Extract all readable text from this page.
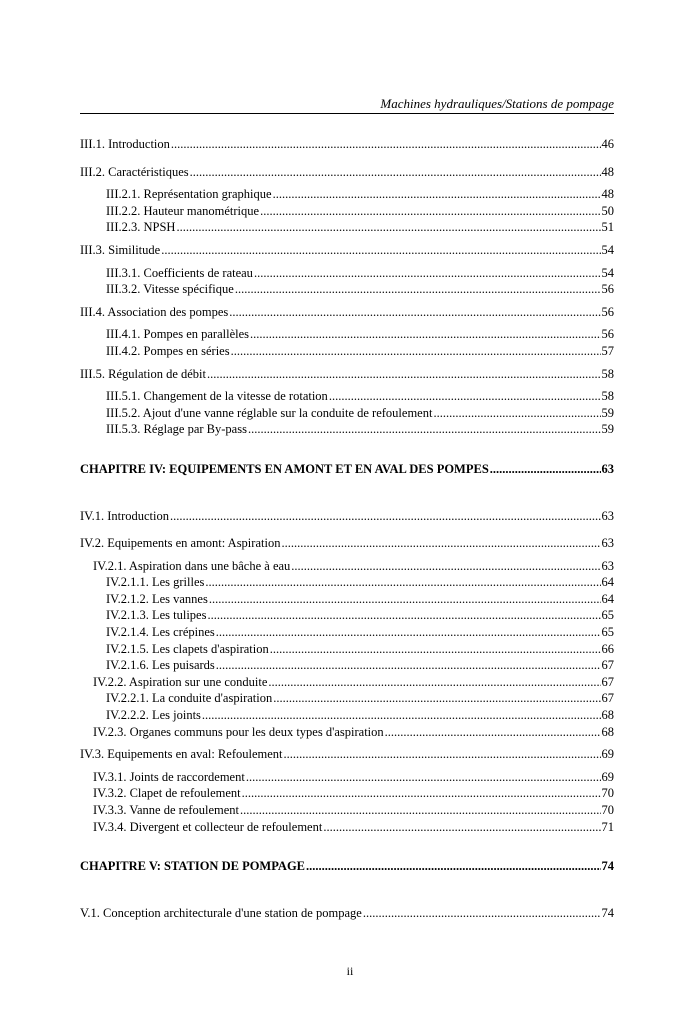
Machines hydrauliques/Stations de pompage
III.1. Introduction .....	46
III.2. Caractéristiques .....	48
III.2.1. Représentation graphique .....	48
III.2.2. Hauteur manométrique .....	50
III.2.3. NPSH .....	51
III.3. Similitude .....	54
III.3.1. Coefficients de rateau .....	54
III.3.2. Vitesse spécifique .....	56
III.4. Association des pompes .....	56
III.4.1. Pompes en parallèles .....	56
III.4.2. Pompes en séries .....	57
III.5. Régulation de débit .....	58
III.5.1. Changement de la vitesse de rotation .....	58
III.5.2. Ajout d'une vanne réglable sur la conduite de refoulement .....	59
III.5.3. Réglage par By-pass .....	59
CHAPITRE IV: EQUIPEMENTS EN AMONT ET EN AVAL DES POMPES .....	63
IV.1. Introduction .....	63
IV.2. Equipements en amont: Aspiration .....	63
IV.2.1. Aspiration dans une bâche à eau .....	63
IV.2.1.1. Les grilles .....	64
IV.2.1.2. Les vannes .....	64
IV.2.1.3. Les tulipes .....	65
IV.2.1.4. Les crépines .....	65
IV.2.1.5. Les clapets d'aspiration .....	66
IV.2.1.6. Les puisards .....	67
IV.2.2. Aspiration sur une conduite .....	67
IV.2.2.1. La conduite d'aspiration .....	67
IV.2.2.2. Les joints .....	68
IV.2.3. Organes communs pour les deux types d'aspiration .....	68
IV.3. Equipements en aval: Refoulement .....	69
IV.3.1. Joints de raccordement .....	69
IV.3.2. Clapet de refoulement .....	70
IV.3.3. Vanne de refoulement .....	70
IV.3.4. Divergent et collecteur de refoulement .....	71
CHAPITRE V: STATION DE POMPAGE .....	74
V.1. Conception architecturale d'une station de pompage .....	74
ii
